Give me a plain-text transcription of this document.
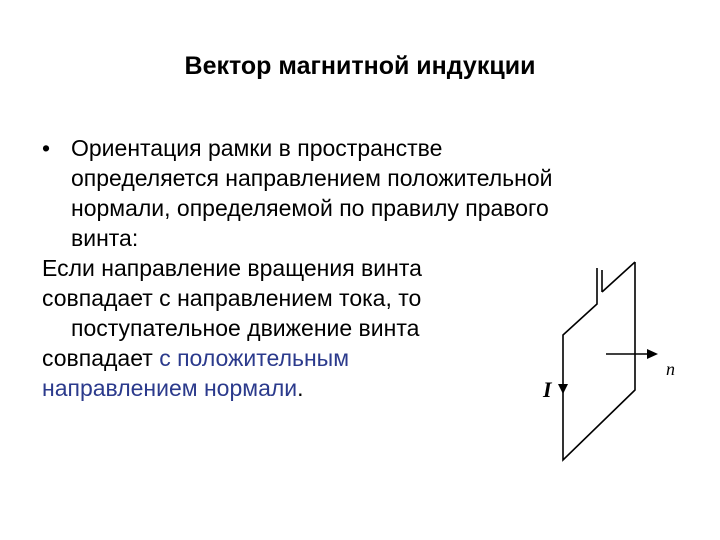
Вектор магнитной индукции
• Ориентация рамки в пространстве
определяется направлением положительной
нормали, определяемой по правилу правого
винта:
Если направление вращения винта
совпадает с направлением тока, то
поступательное движение винта
совпадает с положительным
направлением нормали.	I
n
